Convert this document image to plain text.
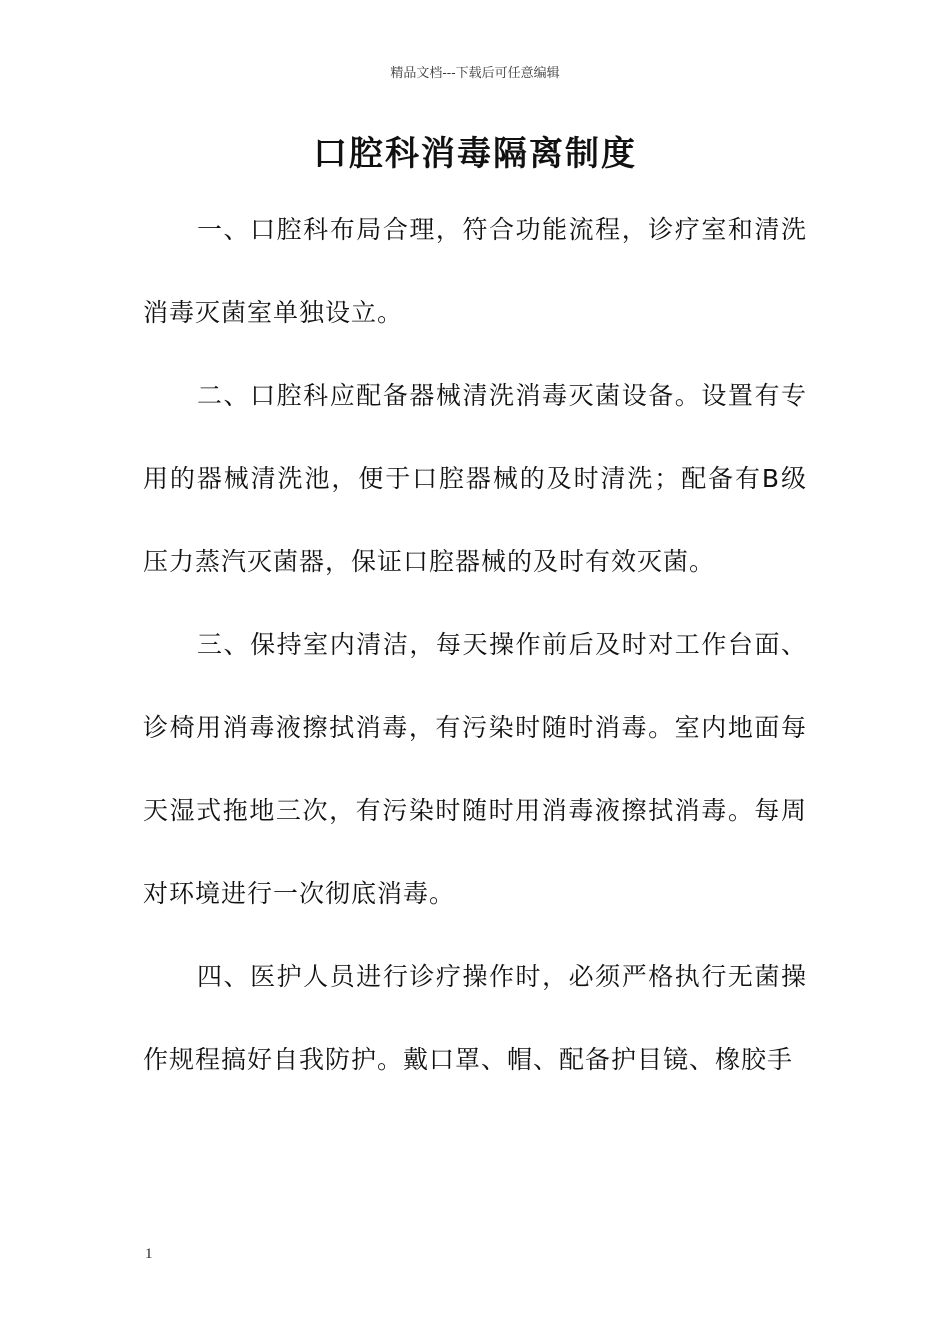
精品文档---下载后可任意编辑
口腔科消毒隔离制度

一、口腔科布局合理，符合功能流程，诊疗室和清洗消毒灭菌室单独设立。

二、口腔科应配备器械清洗消毒灭菌设备。设置有专用的器械清洗池，便于口腔器械的及时清洗；配备有B级压力蒸汽灭菌器，保证口腔器械的及时有效灭菌。

三、保持室内清洁，每天操作前后及时对工作台面、诊椅用消毒液擦拭消毒，有污染时随时消毒。室内地面每天湿式拖地三次，有污染时随时用消毒液擦拭消毒。每周对环境进行一次彻底消毒。

四、医护人员进行诊疗操作时，必须严格执行无菌操作规程搞好自我防护。戴口罩、帽、配备护目镜、橡胶手

1
